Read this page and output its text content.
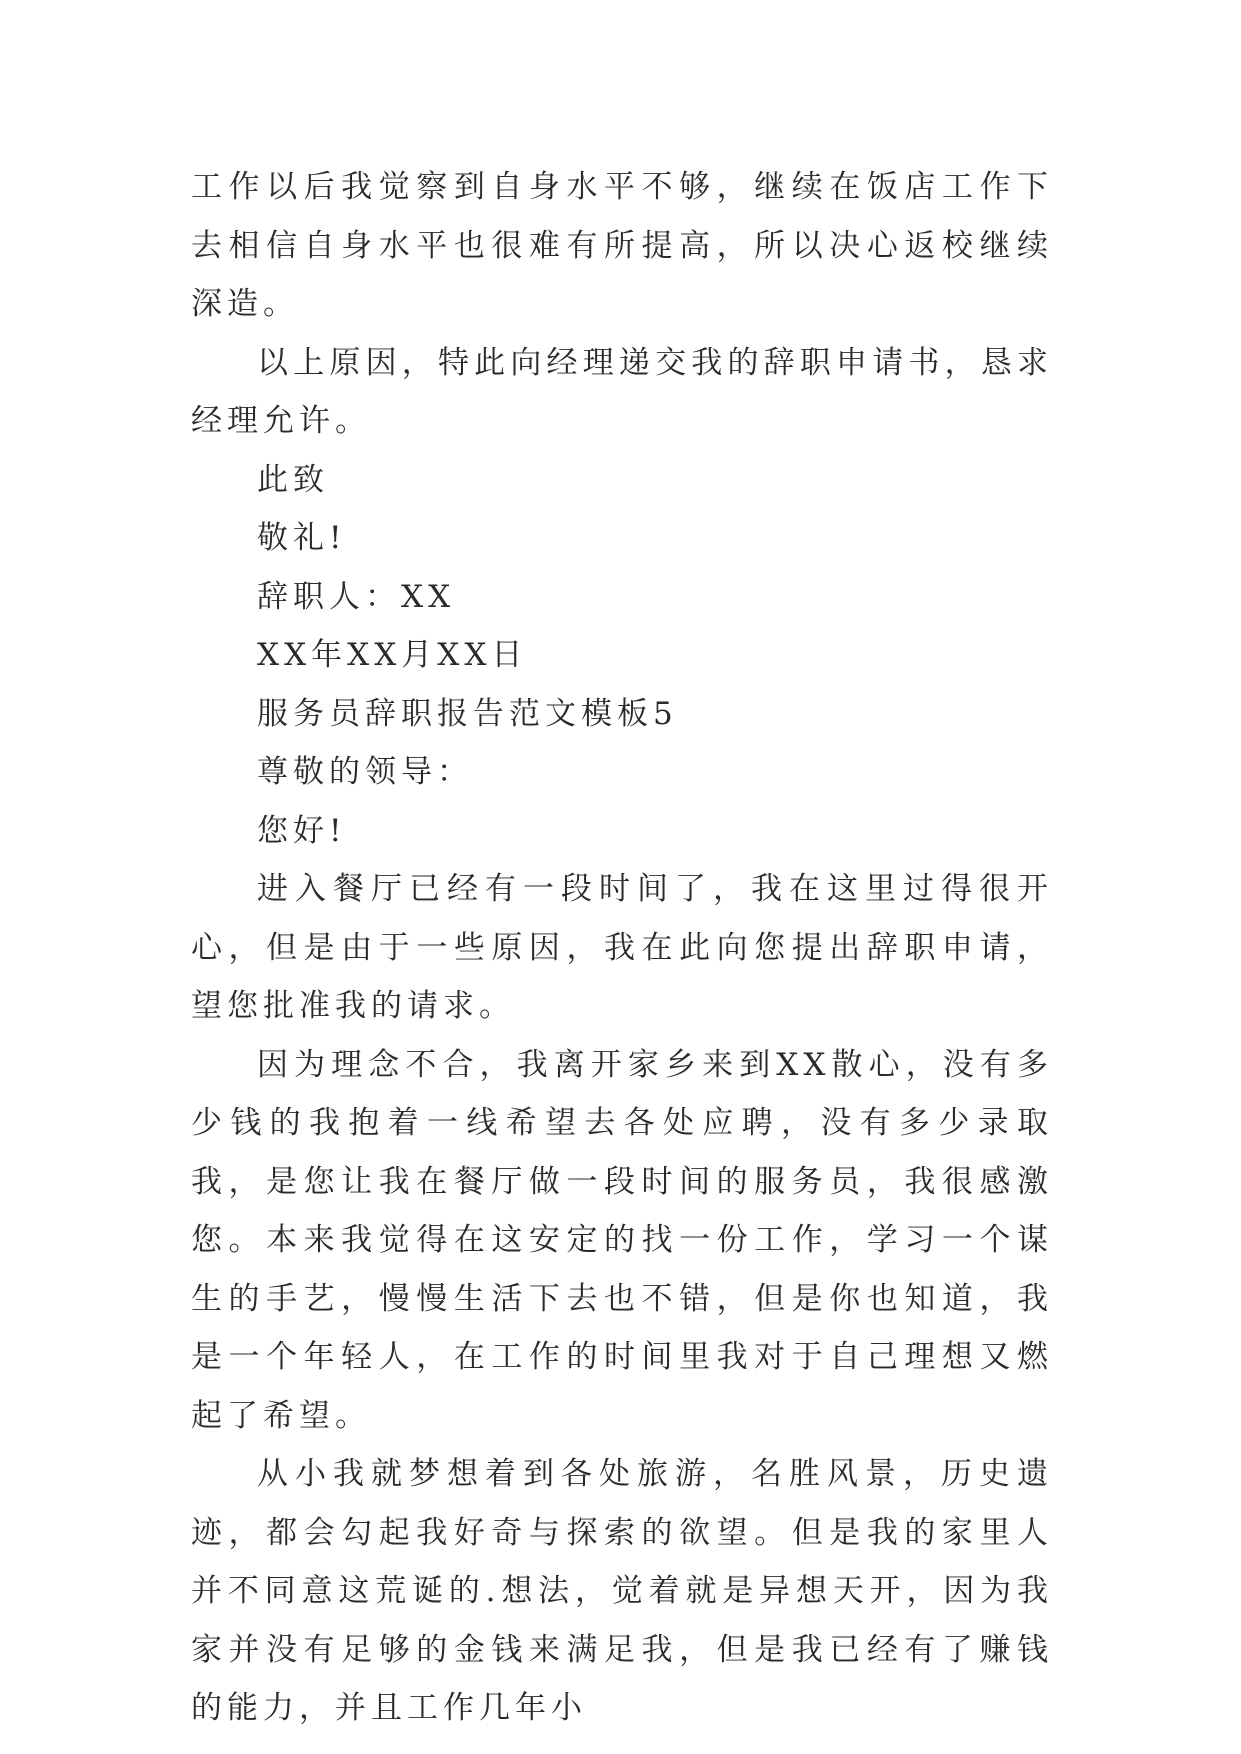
工作以后我觉察到自身水平不够，继续在饭店工作下去相信自身水平也很难有所提高，所以决心返校继续深造。

以上原因，特此向经理递交我的辞职申请书，恳求经理允许。

此致

敬礼!

辞职人：XX

XX年XX月XX日

服务员辞职报告范文模板5

尊敬的领导：

您好!

进入餐厅已经有一段时间了，我在这里过得很开心，但是由于一些原因，我在此向您提出辞职申请，望您批准我的请求。

因为理念不合，我离开家乡来到XX散心，没有多少钱的我抱着一线希望去各处应聘，没有多少录取我，是您让我在餐厅做一段时间的服务员，我很感激您。本来我觉得在这安定的找一份工作，学习一个谋生的手艺，慢慢生活下去也不错，但是你也知道，我是一个年轻人，在工作的时间里我对于自己理想又燃起了希望。

从小我就梦想着到各处旅游，名胜风景，历史遗迹，都会勾起我好奇与探索的欲望。但是我的家里人并不同意这荒诞的.想法，觉着就是异想天开，因为我家并没有足够的金钱来满足我，但是我已经有了赚钱的能力，并且工作几年小
